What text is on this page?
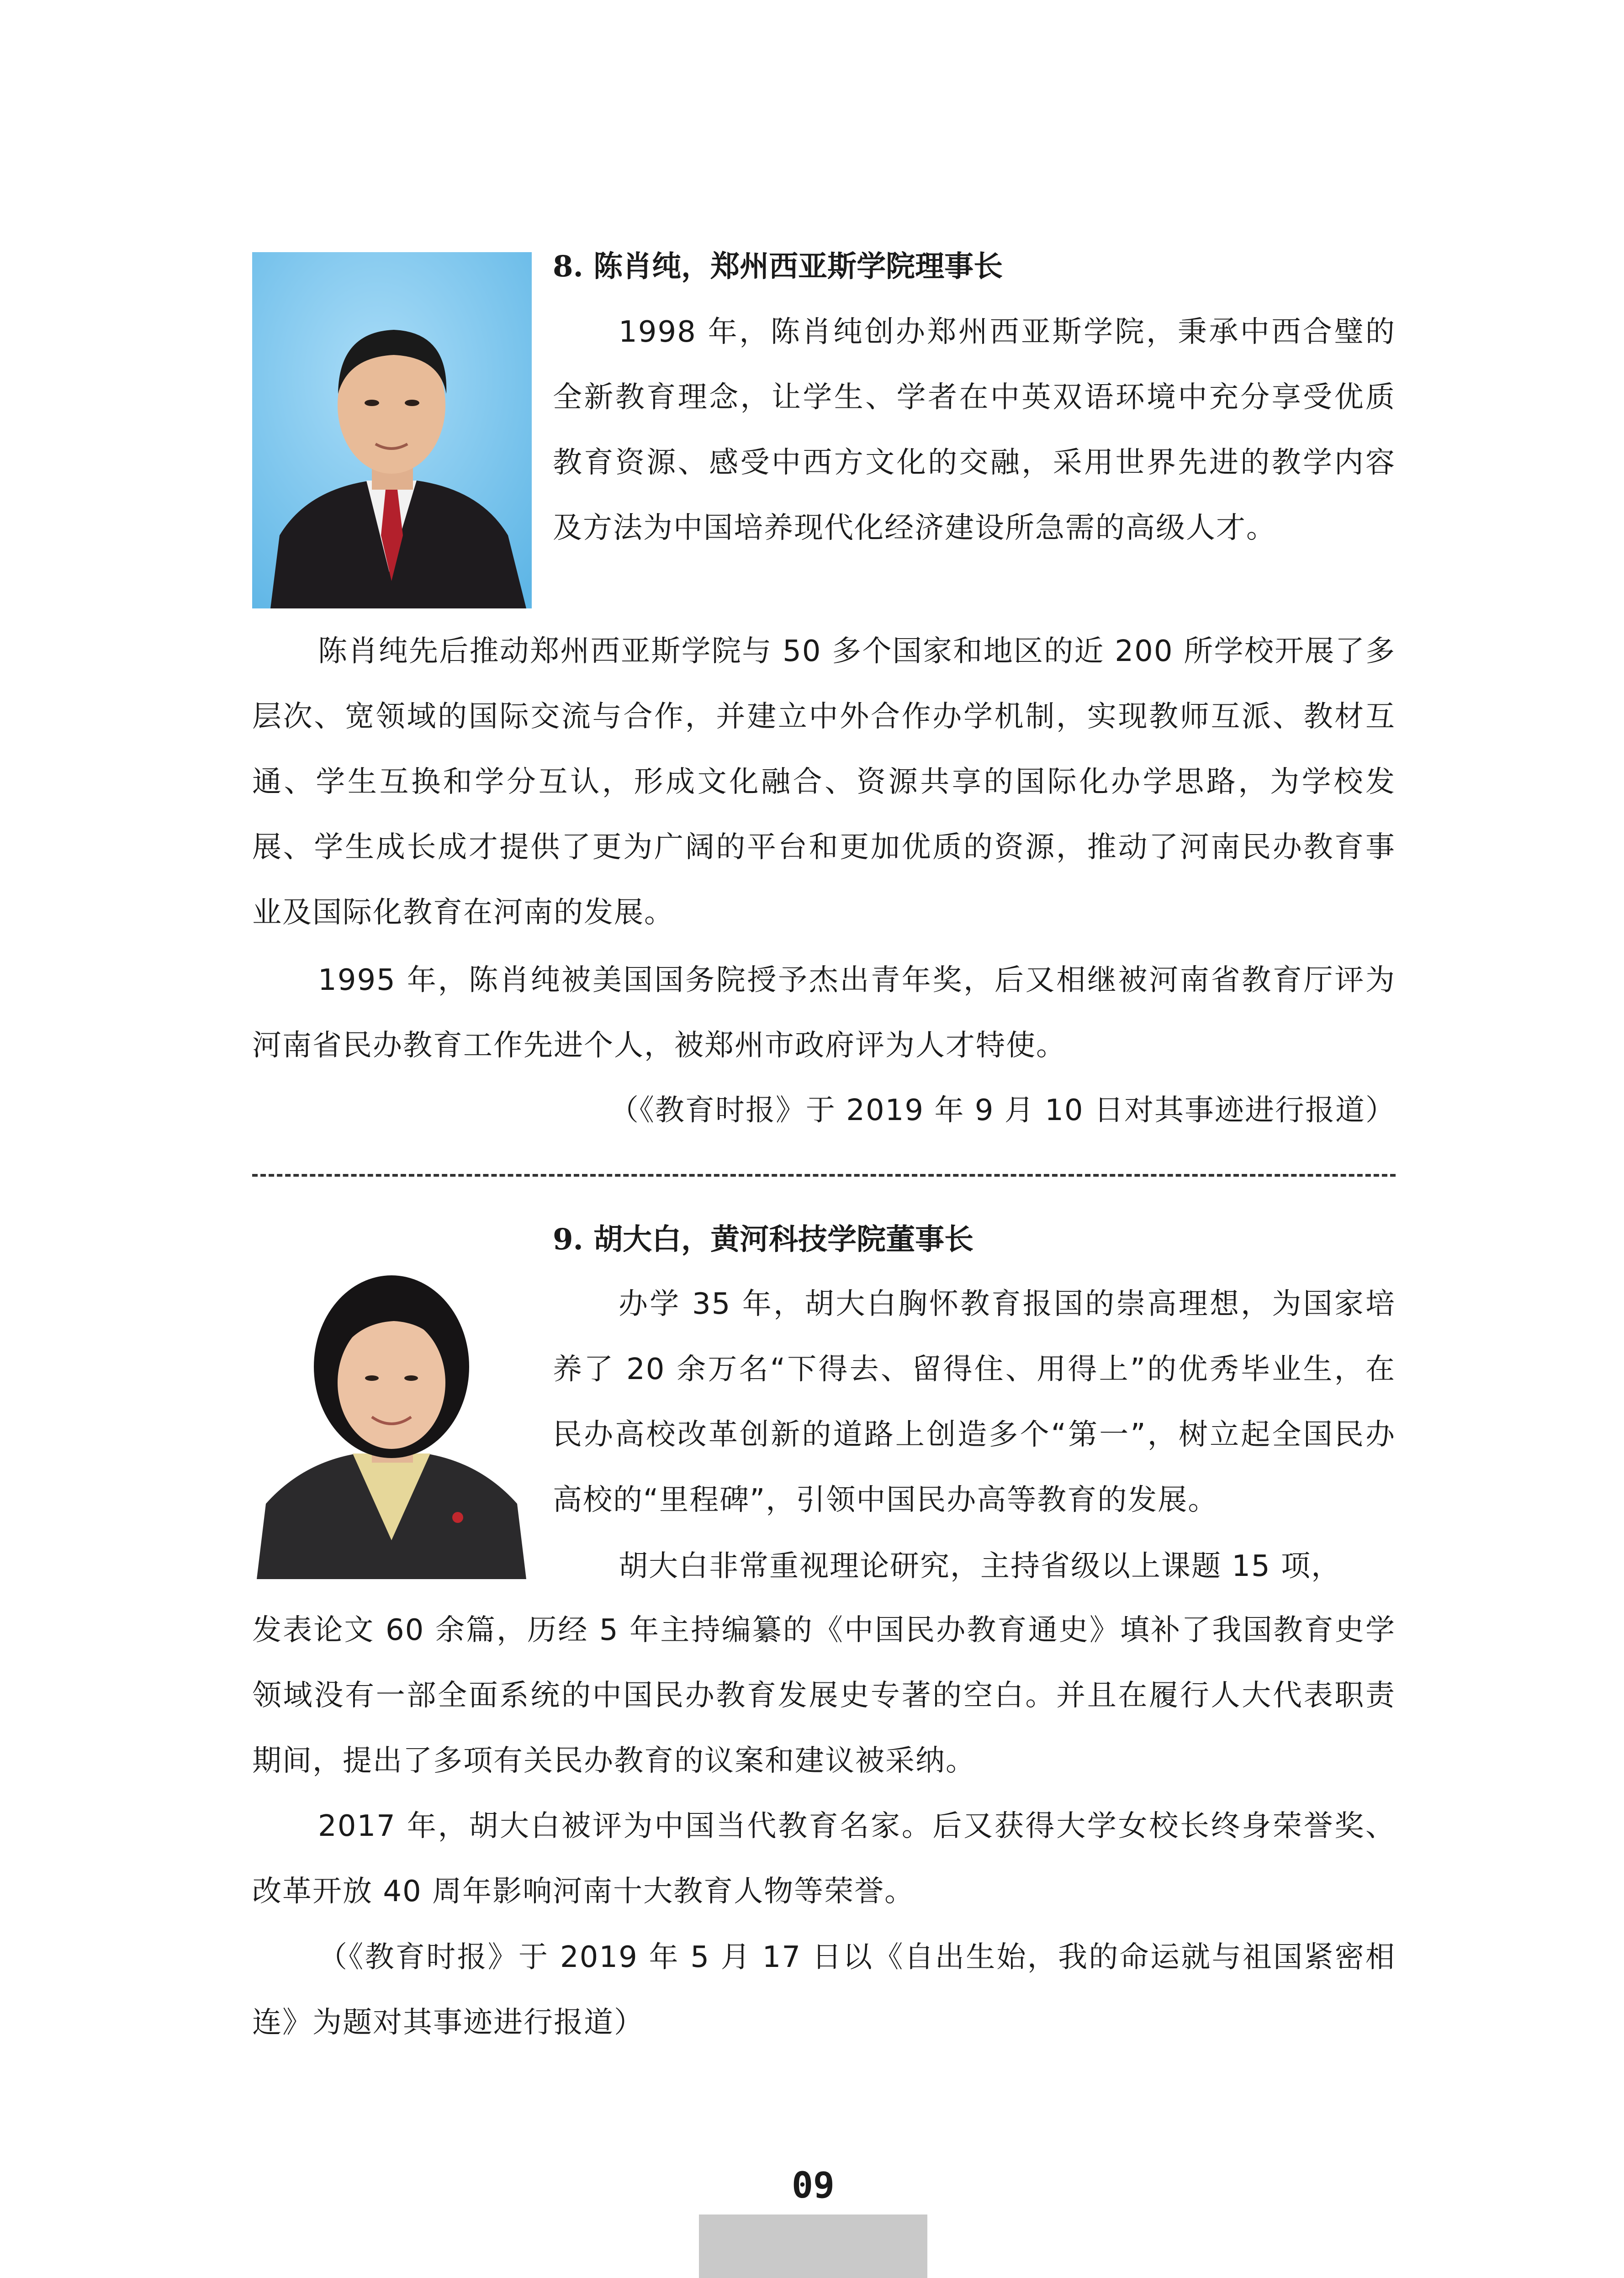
8. 陈肖纯，郑州西亚斯学院理事长

1998 年，陈肖纯创办郑州西亚斯学院，秉承中西合璧的全新教育理念，让学生、学者在中英双语环境中充分享受优质教育资源、感受中西方文化的交融，采用世界先进的教学内容及方法为中国培养现代化经济建设所急需的高级人才。

陈肖纯先后推动郑州西亚斯学院与 50 多个国家和地区的近 200 所学校开展了多层次、宽领域的国际交流与合作，并建立中外合作办学机制，实现教师互派、教材互通、学生互换和学分互认，形成文化融合、资源共享的国际化办学思路，为学校发展、学生成长成才提供了更为广阔的平台和更加优质的资源，推动了河南民办教育事业及国际化教育在河南的发展。

1995 年，陈肖纯被美国国务院授予杰出青年奖，后又相继被河南省教育厅评为河南省民办教育工作先进个人，被郑州市政府评为人才特使。

（《教育时报》于 2019 年 9 月 10 日对其事迹进行报道）
9. 胡大白，黄河科技学院董事长

办学 35 年，胡大白胸怀教育报国的崇高理想，为国家培养了 20 余万名“下得去、留得住、用得上”的优秀毕业生，在民办高校改革创新的道路上创造多个“第一”，树立起全国民办高校的“里程碑”，引领中国民办高等教育的发展。

胡大白非常重视理论研究，主持省级以上课题 15 项，

发表论文 60 余篇，历经 5 年主持编纂的《中国民办教育通史》填补了我国教育史学领域没有一部全面系统的中国民办教育发展史专著的空白。并且在履行人大代表职责期间，提出了多项有关民办教育的议案和建议被采纳。

2017 年，胡大白被评为中国当代教育名家。后又获得大学女校长终身荣誉奖、改革开放 40 周年影响河南十大教育人物等荣誉。

（《教育时报》于 2019 年 5 月 17 日以《自出生始，我的命运就与祖国紧密相连》为题对其事迹进行报道）

09
